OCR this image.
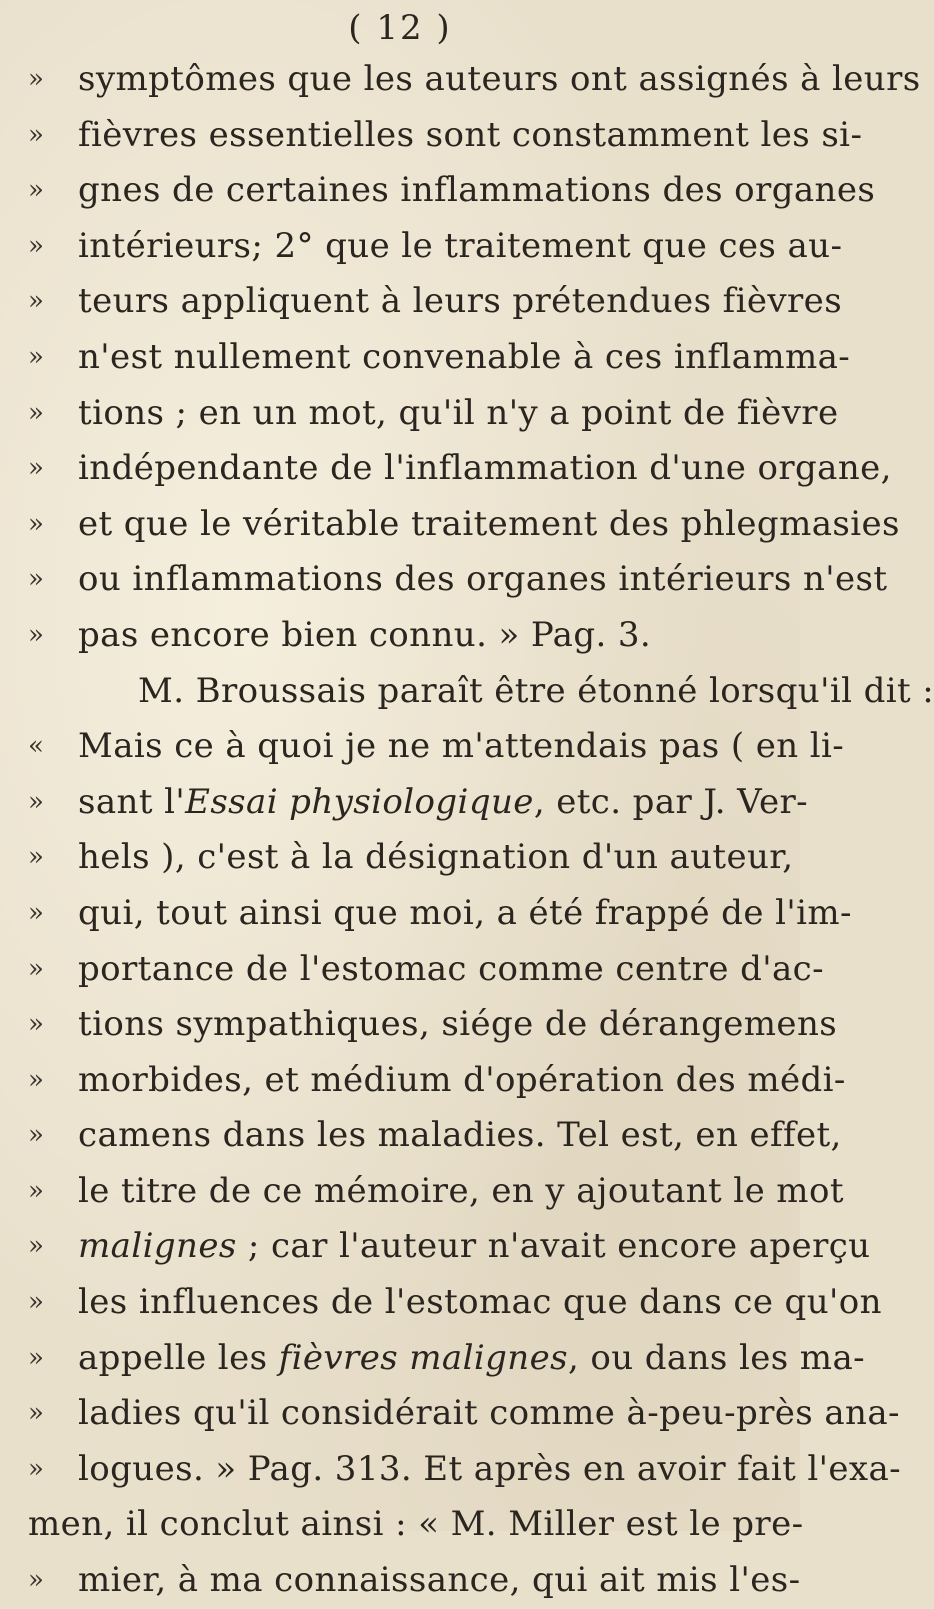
( 12 )
»	symptômes que les auteurs ont assignés à leurs
»	fièvres essentielles sont constamment les si-
»	gnes de certaines inflammations des organes
»	intérieurs; 2° que le traitement que ces au-
»	teurs appliquent à leurs prétendues fièvres
»	n'est nullement convenable à ces inflamma-
»	tions ; en un mot, qu'il n'y a point de fièvre
»	indépendante de l'inflammation d'une organe,
»	et que le véritable traitement des phlegmasies
»	ou inflammations des organes intérieurs n'est
»	pas encore bien connu. » Pag. 3.
M. Broussais paraît être étonné lorsqu'il dit :
«	Mais ce à quoi je ne m'attendais pas ( en li-
»	sant l'Essai physiologique, etc. par J. Ver-
»	hels ), c'est à la désignation d'un auteur,
»	qui, tout ainsi que moi, a été frappé de l'im-
»	portance de l'estomac comme centre d'ac-
»	tions sympathiques, siége de dérangemens
»	morbides, et médium d'opération des médi-
»	camens dans les maladies. Tel est, en effet,
»	le titre de ce mémoire, en y ajoutant le mot
»	malignes ; car l'auteur n'avait encore aperçu
»	les influences de l'estomac que dans ce qu'on
»	appelle les fièvres malignes, ou dans les ma-
»	ladies qu'il considérait comme à-peu-près ana-
»	logues. » Pag. 313. Et après en avoir fait l'exa-
men, il conclut ainsi : « M. Miller est le pre-
»	mier, à ma connaissance, qui ait mis l'es-
